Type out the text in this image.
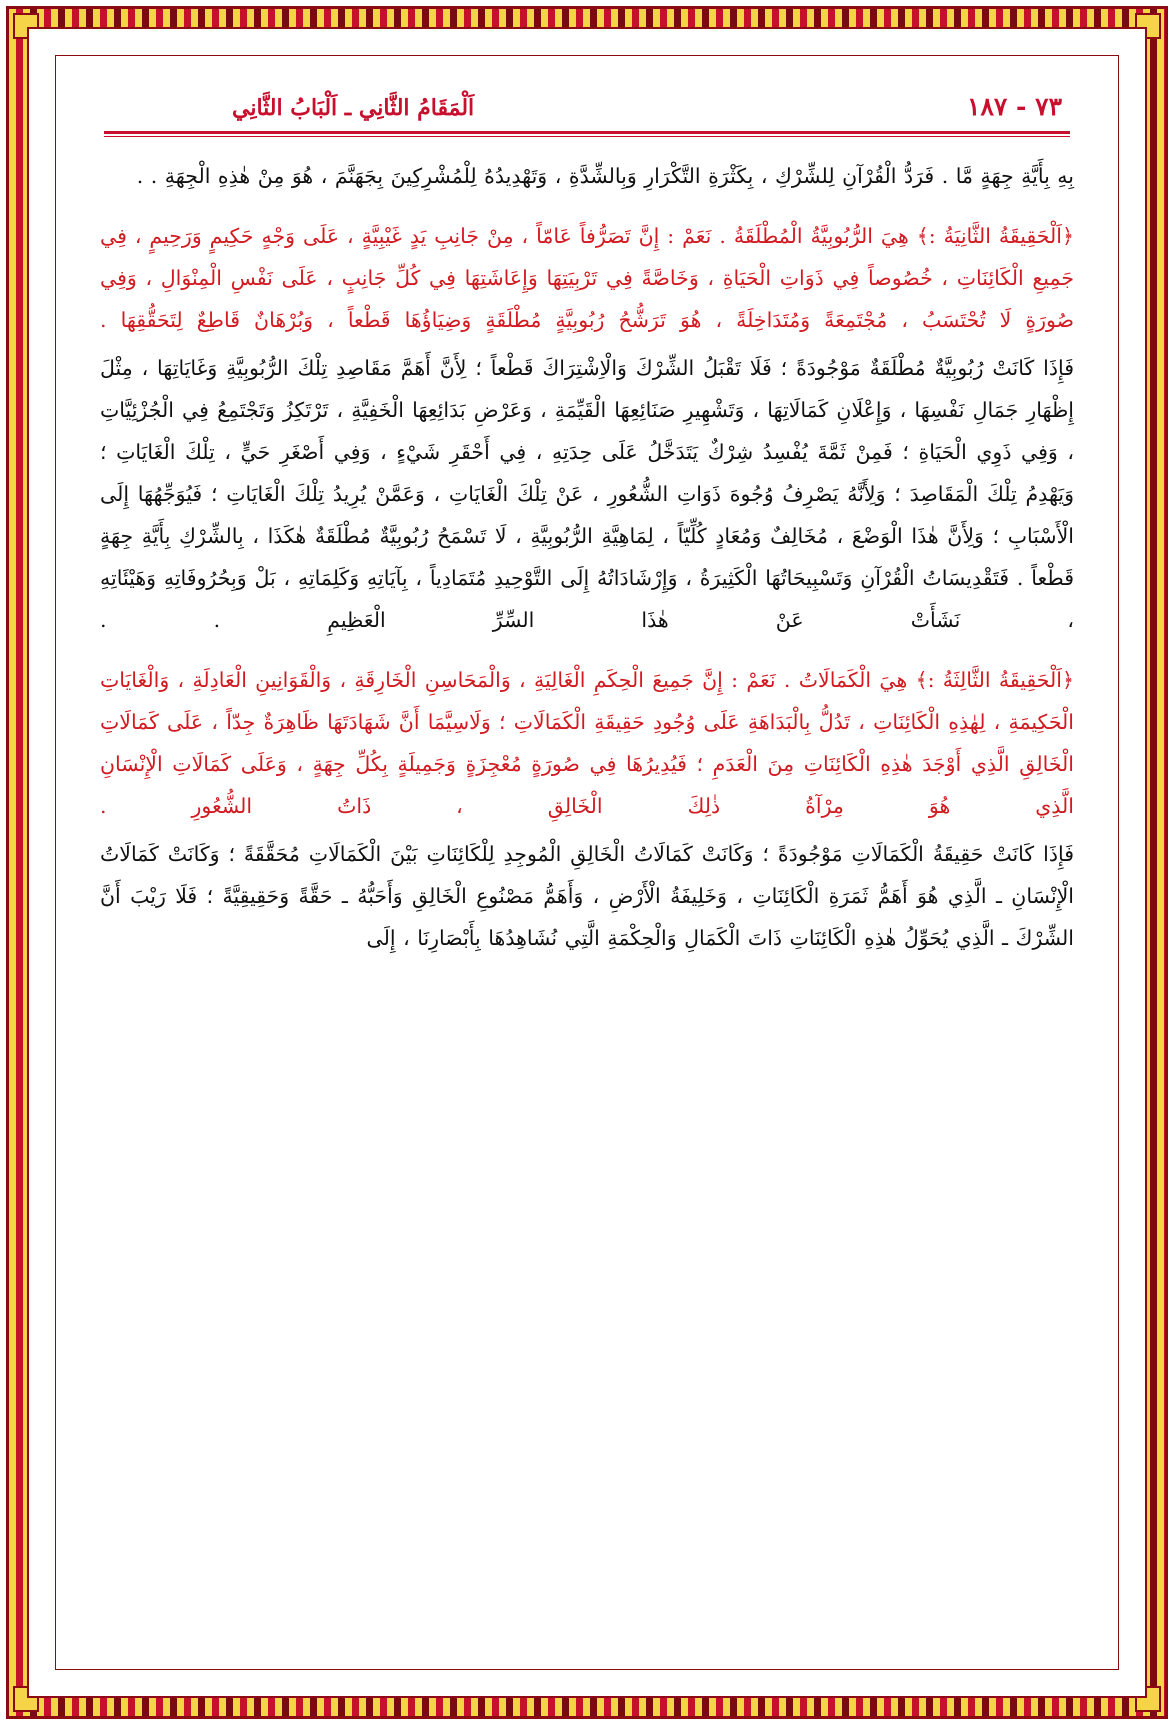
٧٣ - ١٨٧
اَلْمَقَامُ الثَّانِي ـ اَلْبَابُ الثَّانِي

بِهِ بِأَيَّةِ جِهَةٍ مَّا . فَرَدُّ الْقُرْآنِ لِلشِّرْكِ ، بِكَثْرَةِ التَّكْرَارِ وَبِالشِّدَّةِ ، وَتَهْدِيدُهُ لِلْمُشْرِكِينَ بِجَهَنَّمَ ، هُوَ مِنْ هٰذِهِ الْجِهَةِ . .

﴿اَلْحَقِيقَةُ الثَّانِيَةُ :﴾ هِيَ الرُّبُوبِيَّةُ الْمُطْلَقَةُ . نَعَمْ : إِنَّ تَصَرُّفاً عَامّاً ، مِنْ جَانِبِ يَدٍ غَيْبِيَّةٍ ، عَلَى وَجْهٍ حَكِيمٍ وَرَحِيمٍ ، فِي جَمِيعِ الْكَائِنَاتِ ، خُصُوصاً فِي ذَوَاتِ الْحَيَاةِ ، وَخَاصَّةً فِي تَرْبِيَتِهَا وَإِعَاشَتِهَا فِي كُلِّ جَانِبٍ ، عَلَى نَفْسِ الْمِنْوَالِ ، وَفِي صُورَةٍ لَا تُحْتَسَبُ ، مُجْتَمِعَةً وَمُتَدَاخِلَةً ، هُوَ تَرَشُّحُ رُبُوبِيَّةٍ مُطْلَقَةٍ وَضِيَاؤُهَا قَطْعاً ، وَبُرْهَانٌ قَاطِعٌ لِتَحَقُّقِهَا .

فَإِذَا كَانَتْ رُبُوبِيَّةٌ مُطْلَقَةٌ مَوْجُودَةً ؛ فَلَا تَقْبَلُ الشِّرْكَ وَالْاِشْتِرَاكَ قَطْعاً ؛ لِأَنَّ أَهَمَّ مَقَاصِدِ تِلْكَ الرُّبُوبِيَّةِ وَغَايَاتِهَا ، مِثْلَ إِظْهَارِ جَمَالِ نَفْسِهَا ، وَإِعْلَانِ كَمَالَاتِهَا ، وَتَشْهِيرِ صَنَائِعِهَا الْقَيِّمَةِ ، وَعَرْضِ بَدَائِعِهَا الْخَفِيَّةِ ، تَرْتَكِزُ وَتَجْتَمِعُ فِي الْجُزْئِيَّاتِ ، وَفِي ذَوِي الْحَيَاةِ ؛ فَمِنْ ثَمَّةَ يُفْسِدُ شِرْكٌ يَتَدَخَّلُ عَلَى حِدَتِهِ ، فِي أَحْقَرِ شَيْءٍ ، وَفِي أَصْغَرِ حَيٍّ ، تِلْكَ الْغَايَاتِ ؛ وَيَهْدِمُ تِلْكَ الْمَقَاصِدَ ؛ وَلِأَنَّهُ يَصْرِفُ وُجُوهَ ذَوَاتِ الشُّعُورِ ، عَنْ تِلْكَ الْغَايَاتِ ، وَعَمَّنْ يُرِيدُ تِلْكَ الْغَايَاتِ ؛ فَيُوَجِّهُهَا إِلَى الْأَسْبَابِ ؛ وَلِأَنَّ هٰذَا الْوَضْعَ ، مُخَالِفٌ وَمُعَادٍ كُلِّيّاً ، لِمَاهِيَّةِ الرُّبُوبِيَّةِ ، لَا تَسْمَحُ رُبُوبِيَّةٌ مُطْلَقَةٌ هٰكَذَا ، بِالشِّرْكِ بِأَيَّةِ جِهَةٍ قَطْعاً . فَتَقْدِيسَاتُ الْقُرْآنِ وَتَسْبِيحَاتُهَا الْكَثِيرَةُ ، وَإِرْشَادَاتُهُ إِلَى التَّوْحِيدِ مُتَمَادِياً ، بِآيَاتِهِ وَكَلِمَاتِهِ ، بَلْ وَبِحُرُوفَاتِهِ وَهَيْئَاتِهِ ، نَشَأَتْ عَنْ هٰذَا السِّرِّ الْعَظِيمِ . .

﴿اَلْحَقِيقَةُ الثَّالِثَةُ :﴾ هِيَ الْكَمَالَاتُ . نَعَمْ : إِنَّ جَمِيعَ الْحِكَمِ الْغَالِيَةِ ، وَالْمَحَاسِنِ الْخَارِقَةِ ، وَالْقَوَانِينِ الْعَادِلَةِ ، وَالْغَايَاتِ الْحَكِيمَةِ ، لِهٰذِهِ الْكَائِنَاتِ ، تَدُلُّ بِالْبَدَاهَةِ عَلَى وُجُودِ حَقِيقَةِ الْكَمَالَاتِ ؛ وَلَاسِيَّمَا أَنَّ شَهَادَتَهَا ظَاهِرَةٌ جِدّاً ، عَلَى كَمَالَاتِ الْخَالِقِ الَّذِي أَوْجَدَ هٰذِهِ الْكَائِنَاتِ مِنَ الْعَدَمِ ؛ فَيُدِيرُهَا فِي صُورَةٍ مُعْجِزَةٍ وَجَمِيلَةٍ بِكُلِّ جِهَةٍ ، وَعَلَى كَمَالَاتِ الْإِنْسَانِ الَّذِي هُوَ مِرْآةُ ذٰلِكَ الْخَالِقِ ، ذَاتُ الشُّعُورِ .

فَإِذَا كَانَتْ حَقِيقَةُ الْكَمَالَاتِ مَوْجُودَةً ؛ وَكَانَتْ كَمَالَاتُ الْخَالِقِ الْمُوجِدِ لِلْكَائِنَاتِ بَيْنَ الْكَمَالَاتِ مُحَقَّقَةً ؛ وَكَانَتْ كَمَالَاتُ الْإِنْسَانِ ـ الَّذِي هُوَ أَهَمُّ ثَمَرَةِ الْكَائِنَاتِ ، وَخَلِيفَةُ الْأَرْضِ ، وَأَهَمُّ مَصْنُوعِ الْخَالِقِ وَأَحَبُّهُ ـ حَقَّةً وَحَقِيقِيَّةً ؛ فَلَا رَيْبَ أَنَّ الشِّرْكَ ـ الَّذِي يُحَوِّلُ هٰذِهِ الْكَائِنَاتِ ذَاتَ الْكَمَالِ وَالْحِكْمَةِ الَّتِي نُشَاهِدُهَا بِأَبْصَارِنَا ، إِلَى
